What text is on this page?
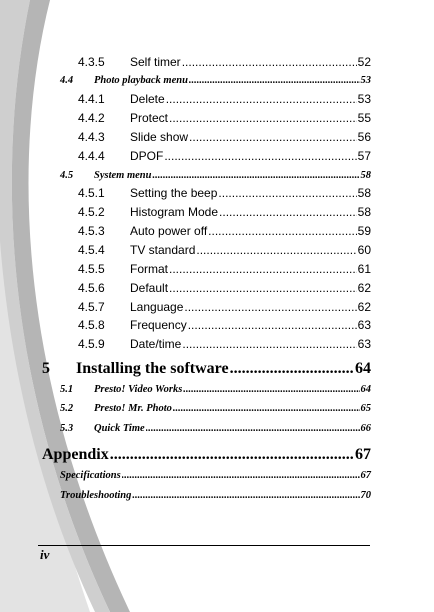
4.3.5	Self timer .....	52
4.4	Photo playback menu .....	53
4.4.1	Delete .....	53
4.4.2	Protect .....	55
4.4.3	Slide show .....	56
4.4.4	DPOF .....	57
4.5	System menu .....	58
4.5.1	Setting the beep .....	58
4.5.2	Histogram Mode .....	58
4.5.3	Auto power off .....	59
4.5.4	TV standard .....	60
4.5.5	Format .....	61
4.5.6	Default .....	62
4.5.7	Language .....	62
4.5.8	Frequency .....	63
4.5.9	Date/time .....	63
5	Installing the software .....	64
5.1	Presto! Video Works .....	64
5.2	Presto! Mr. Photo .....	65
5.3	Quick Time .....	66
Appendix .....	67
Specifications .....	67
Troubleshooting .....	70
iv
